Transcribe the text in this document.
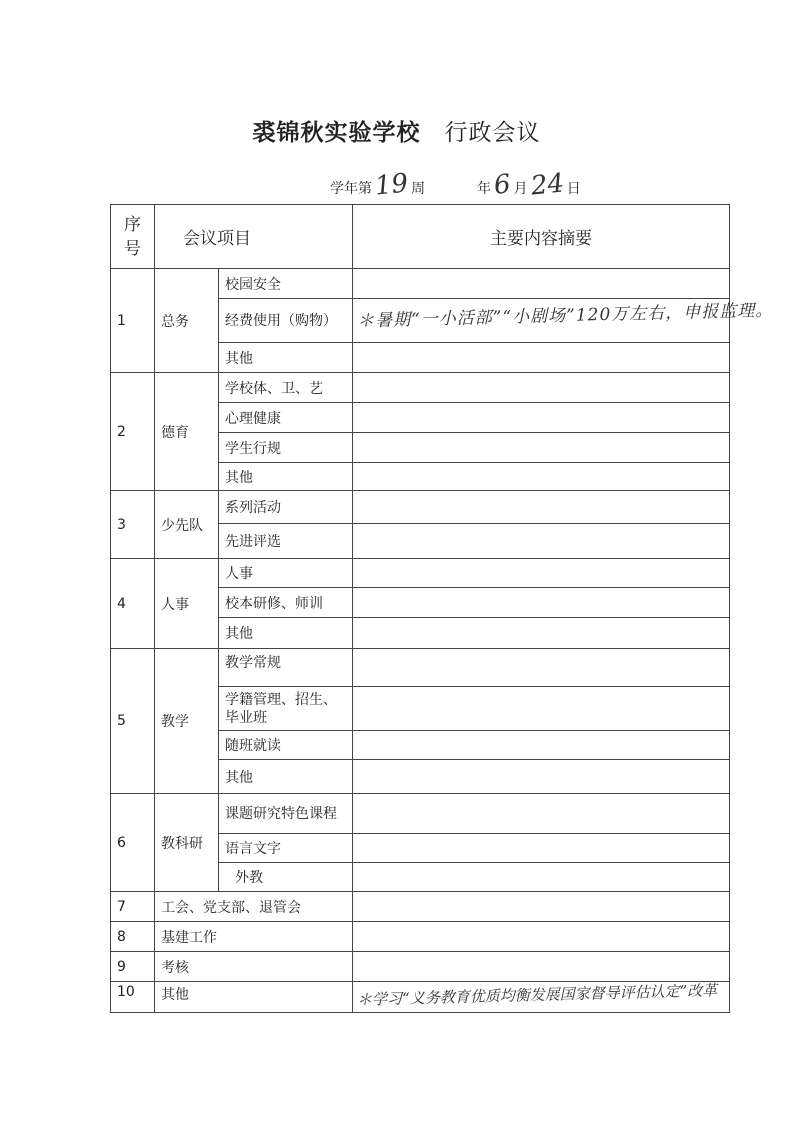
裘锦秋实验学校 行政会议
学年第19 周	年6月24 日
序号	会议项目		主要内容摘要
1	总务	校园安全	
		经费使用（购物）	＊暑期“一小活部”“小剧场”120万左右，申报监理。

		其他	
2	德育	学校体、卫、艺	
		心理健康	
		学生行规	
		其他	
3	少先队	系列活动	
		先进评选	
4	人事	人事	
		校本研修、师训	
		其他	
5	教学	教学常规	
		学籍管理、招生、毕业班	
		随班就读	
		其他	
6	教科研	课题研究特色课程	
		语言文字	
		外教	
7	工会、党支部、退管会		
8	基建工作		
9	考核		
10	其他		＊学习“义务教育优质均衡发展国家督导评估认定”改革
